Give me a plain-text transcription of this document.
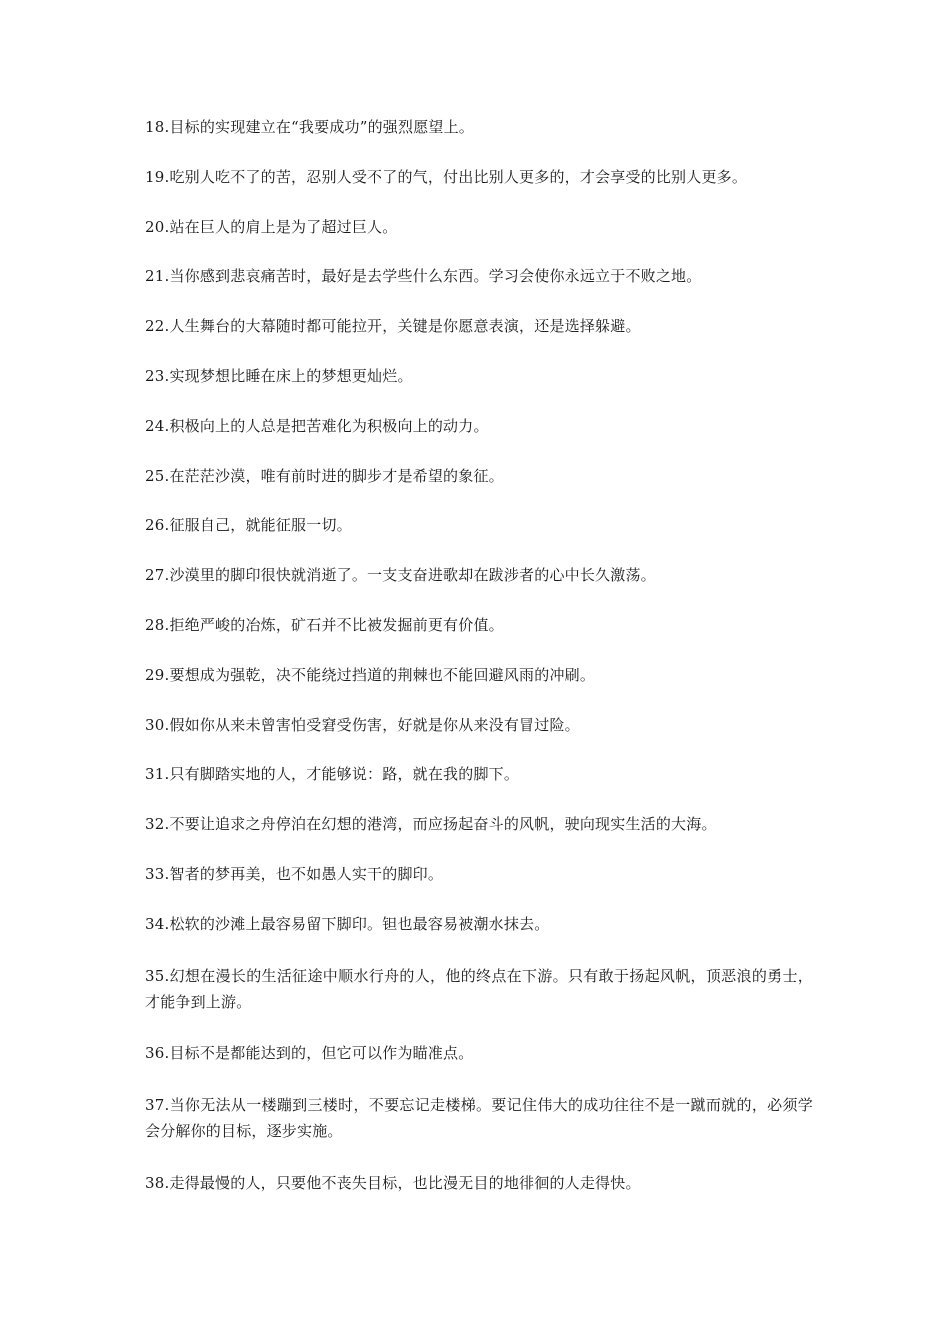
18.目标的实现建立在“我要成功”的强烈愿望上。

19.吃别人吃不了的苦，忍别人受不了的气，付出比别人更多的，才会享受的比别人更多。

20.站在巨人的肩上是为了超过巨人。

21.当你感到悲哀痛苦时，最好是去学些什么东西。学习会使你永远立于不败之地。

22.人生舞台的大幕随时都可能拉开，关键是你愿意表演，还是选择躲避。

23.实现梦想比睡在床上的梦想更灿烂。

24.积极向上的人总是把苦难化为积极向上的动力。

25.在茫茫沙漠，唯有前时进的脚步才是希望的象征。

26.征服自己，就能征服一切。

27.沙漠里的脚印很快就消逝了。一支支奋进歌却在跋涉者的心中长久激荡。

28.拒绝严峻的冶炼，矿石并不比被发掘前更有价值。

29.要想成为强乾，决不能绕过挡道的荆棘也不能回避风雨的冲刷。

30.假如你从来未曾害怕受窘受伤害，好就是你从来没有冒过险。

31.只有脚踏实地的人，才能够说：路，就在我的脚下。

32.不要让追求之舟停泊在幻想的港湾，而应扬起奋斗的风帆，驶向现实生活的大海。

33.智者的梦再美，也不如愚人实干的脚印。

34.松软的沙滩上最容易留下脚印。钽也最容易被潮水抹去。

35.幻想在漫长的生活征途中顺水行舟的人，他的终点在下游。只有敢于扬起风帆，顶恶浪的勇士，才能争到上游。

36.目标不是都能达到的，但它可以作为瞄准点。

37.当你无法从一楼蹦到三楼时，不要忘记走楼梯。要记住伟大的成功往往不是一蹴而就的，必须学会分解你的目标，逐步实施。

38.走得最慢的人，只要他不丧失目标，也比漫无目的地徘徊的人走得快。
